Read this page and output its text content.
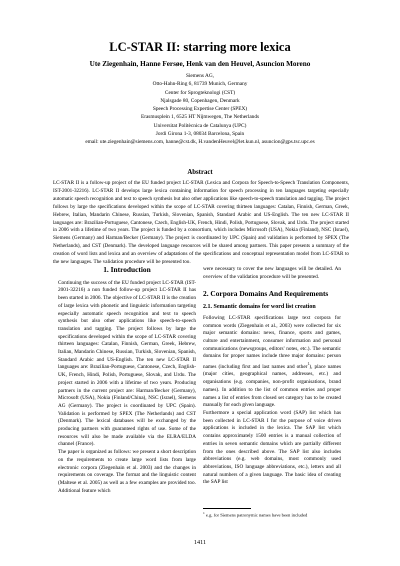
LC-STAR II: starring more lexica
Ute Ziegenhain, Hanne Fersøe, Henk van den Heuvel, Asuncion Moreno
Siemens AG,
Otto-Hahn-Ring 6, 81739 Munich, Germany
Center for Sprogteknologi (CST)
Njalsgade 80, Copenhagen, Denmark
Speech Processing Expertise Center (SPEX)
Erasmusplein 1, 6525 HT Nijmwegen, The Netherlands
Universitat Politècnica de Catalunya (UPC)
Jordi Girona 1-3, 08034 Barcelona, Spain
email: ute.ziegenhain@siemens.com, hanne@cst.dk, H.vandenHeuvel@let.kun.nl, asuncion@gps.tsc.upc.es
Abstract

LC-STAR II is a follow-up project of the EU funded project LC-STAR (Lexica and Corpora for Speech-to-Speech Translation Components, IST-2001-32216). LC-STAR II develops large lexica containing information for speech processing in ten languages targeting especially automatic speech recognition and text to speech synthesis but also other applications like speech-to-speech translation and tagging. The project follows by large the specifications developed within the scope of LC-STAR covering thirteen languages: Catalan, Finnish, German, Greek, Hebrew, Italian, Mandarin Chinese, Russian, Turkish, Slovenian, Spanish, Standard Arabic and US-English. The ten new LC-STAR II languages are: Brazilian-Portuguese, Cantonese, Czech, English-UK, French, Hindi, Polish, Portuguese, Slovak, and Urdu. The project started in 2006 with a lifetime of two years. The project is funded by a consortium, which includes Microsoft (USA), Nokia (Finland), NSC (Israel), Siemens (Germany) and Harman/Becker (Germany). The project is coordinated by UPC (Spain) and validation is performed by SPEX (The Netherlands), and CST (Denmark). The developed language resources will be shared among partners. This paper presents a summary of the creation of word lists and lexica and an overview of adaptations of the specifications and conceptual representation model from LC-STAR to the new languages. The validation procedure will be presented too.

1. Introduction

Continuing the success of the EU funded project LC-STAR (IST-2001-32216) a non funded follow-up project LC-STAR II has been started in 2006. The objective of LC-STAR II is the creation of large lexica with phonetic and linguistic information targeting especially automatic speech recognition and text to speech synthesis but also other applications like speech-to-speech translation and tagging. The project follows by large the specifications developed within the scope of LC-STAR covering thirteen languages: Catalan, Finnish, German, Greek, Hebrew, Italian, Mandarin Chinese, Russian, Turkish, Slovenian, Spanish, Standard Arabic and US-English. The ten new LC-STAR II languages are: Brazilian-Portuguese, Cantonese, Czech, English-UK, French, Hindi, Polish, Portuguese, Slovak, and Urdu. The project started in 2006 with a lifetime of two years. Producing partners in the current project are: Harman/Becker (Germany), Microsoft (USA), Nokia (Finland/China), NSC (Israel), Siemens AG (Germany). The project is coordinated by UPC (Spain). Validation is performed by SPEX (The Netherlands) and CST (Denmark). The lexical databases will be exchanged by the producing partners with guaranteed rights of use. Some of the resources will also be made available via the ELRA/ELDA channel (France).

The paper is organized as follows: we present a short description on the requirements to create large word lists from large electronic corpora (Ziegenhain et al. 2003) and the changes in requirements on coverage. The format and the linguistic content (Maltese et al. 2005) as well as a few examples are provided too. Additional feature which

were necessary to cover the new languages will be detailed. An overview of the validation procedure will be presented.

2. Corpora Domains And Requirements
2.1. Semantic domains for word list creation

Following LC-STAR specifications large text corpora for common words (Ziegenhain et al., 2003) were collected for six major semantic domains: news, finance, sports and games, culture and entertainment, consumer information and personal communications (newsgroups, editors' notes, etc.). The semantic domains for proper names include three major domains: person names (including first and last names and other$^1$), place names (major cities, geographical names, addresses, etc.) and organisations (e.g. companies, non-profit organisations, brand names). In addition to the list of common entries and proper names a list of entries from closed set category has to be created manually for each given language.

Furthermore a special application word (SAP) list which has been collected in LC-STAR I for the purpose of voice driven applications is included in the lexica. The SAP list which contains approximately 1500 entries is a manual collection of entries in seven semantic domains which are partially different from the ones described above. The SAP list also includes abbreviations (e.g. web domains, most commonly used abbreviations, ISO language abbreviations, etc.), letters and all natural numbers of a given language. The basic idea of creating the SAP list

$^1$ e.g. for Siemens patronymic names have been included
1411
